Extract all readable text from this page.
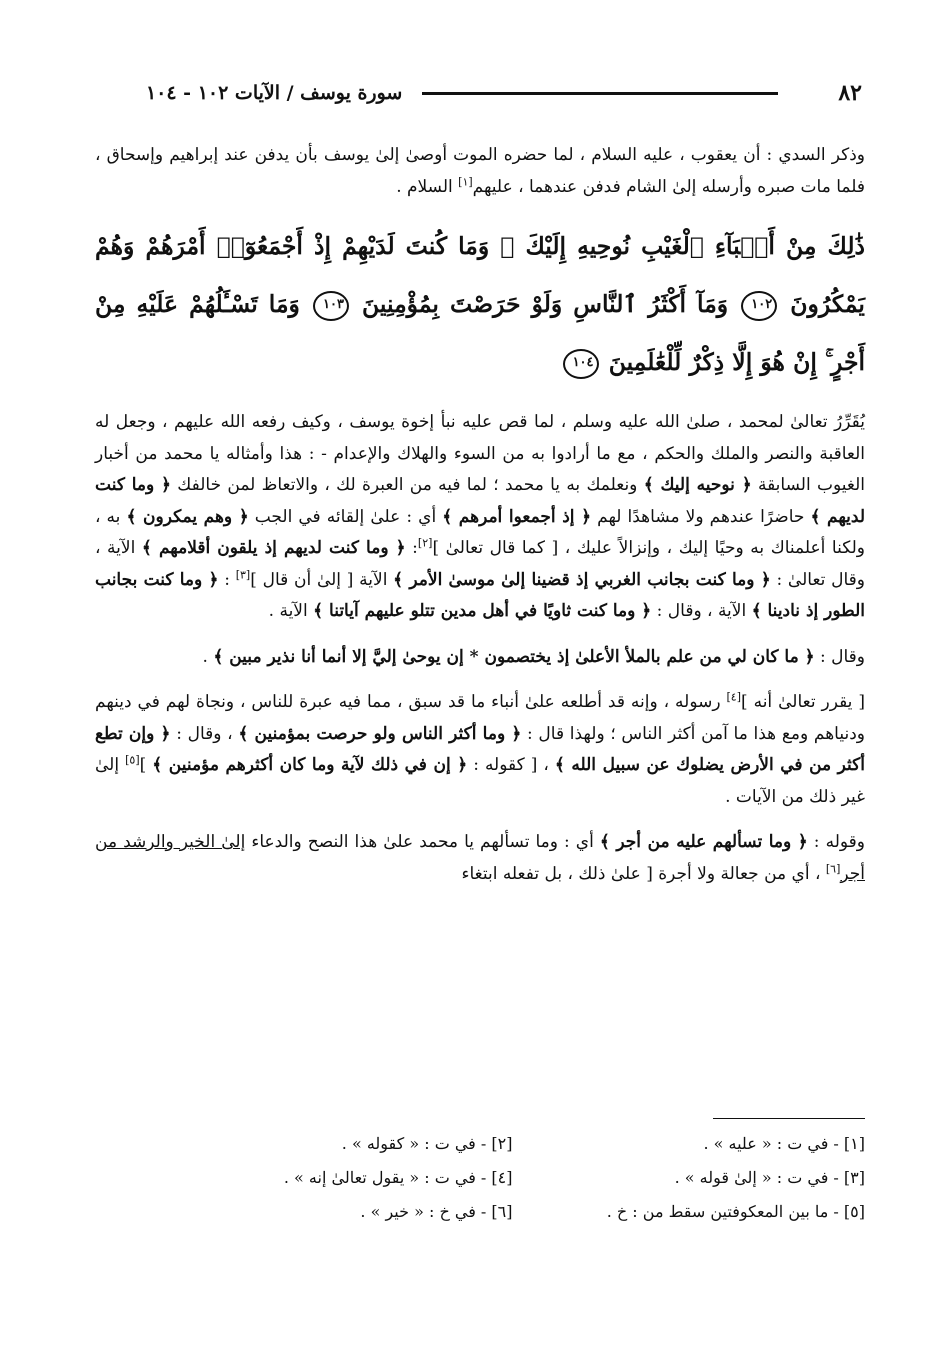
٨٢
سورة يوسف / الآيات ١٠٢ - ١٠٤

وذكر السدي : أن يعقوب ، عليه السلام ، لما حضره الموت أوصىٰ إلىٰ يوسف بأن يدفن عند إبراهيم وإسحاق ، فلما مات صبره وأرسله إلىٰ الشام فدفن عندهما ، عليهم[١] السلام .

ذَٰلِكَ مِنْ أَنۢبَآءِ ٱلْغَيْبِ نُوحِيهِ إِلَيْكَ ۖ وَمَا كُنتَ لَدَيْهِمْ إِذْ أَجْمَعُوٓا۟ أَمْرَهُمْ وَهُمْ يَمْكُرُونَ ١٠٢ وَمَآ أَكْثَرُ ٱلنَّاسِ وَلَوْ حَرَصْتَ بِمُؤْمِنِينَ ١٠٣ وَمَا تَسْـَٔلُهُمْ عَلَيْهِ مِنْ أَجْرٍ ۚ إِنْ هُوَ إِلَّا ذِكْرٌ لِّلْعَٰلَمِينَ ١٠٤

يُقَرِّرُ تعالىٰ لمحمد ، صلىٰ الله عليه وسلم ، لما قص عليه نبأ إخوة يوسف ، وكيف رفعه الله عليهم ، وجعل له العاقبة والنصر والملك والحكم ، مع ما أرادوا به من السوء والهلاك والإعدام - : هذا وأمثاله يا محمد من أخبار الغيوب السابقة ﴿ نوحيه إليك ﴾ ونعلمك به يا محمد ؛ لما فيه من العبرة لك ، والاتعاظ لمن خالفك ﴿ وما كنت لديهم ﴾ حاضرًا عندهم ولا مشاهدًا لهم ﴿ إذ أجمعوا أمرهم ﴾ أي : علىٰ إلقائه في الجب ﴿ وهم يمكرون ﴾ به ، ولكنا أعلمناك به وحيًا إليك ، وإنزالاً عليك ، [ كما قال تعالىٰ ][٢]: ﴿ وما كنت لديهم إذ يلقون أقلامهم ﴾ الآية ، وقال تعالىٰ : ﴿ وما كنت بجانب الغربي إذ قضينا إلىٰ موسىٰ الأمر ﴾ الآية [ إلىٰ أن قال ][٣] : ﴿ وما كنت بجانب الطور إذ نادينا ﴾ الآية ، وقال : ﴿ وما كنت ثاويًا في أهل مدين تتلو عليهم آياتنا ﴾ الآية .

وقال : ﴿ ما كان لي من علم بالملأ الأعلىٰ إذ يختصمون * إن يوحىٰ إليَّ إلا أنما أنا نذير مبين ﴾ .

[ يقرر تعالىٰ أنه ][٤] رسوله ، وإنه قد أطلعه علىٰ أنباء ما قد سبق ، مما فيه عبرة للناس ، ونجاة لهم في دينهم ودنياهم ومع هذا ما آمن أكثر الناس ؛ ولهذا قال : ﴿ وما أكثر الناس ولو حرصت بمؤمنين ﴾ ، وقال : ﴿ وإن تطع أكثر من في الأرض يضلوك عن سبيل الله ﴾ ، [ كقوله : ﴿ إن في ذلك لآية وما كان أكثرهم مؤمنين ﴾ ][٥] إلىٰ غير ذلك من الآيات .

وقوله : ﴿ وما تسألهم عليه من أجر ﴾ أي : وما تسألهم يا محمد علىٰ هذا النصح والدعاء إلىٰ الخير والرشد من أجر[٦] ، أي من جعالة ولا أجرة [ علىٰ ذلك ، بل تفعله ابتغاء

[١] - في ت : « عليه » .
[٢] - في ت : « كقوله » .
[٣] - في ت : « إلىٰ قوله » .
[٤] - في ت : « يقول تعالىٰ إنه » .
[٥] - ما بين المعكوفتين سقط من : خ .
[٦] - في خ : « خير » .
